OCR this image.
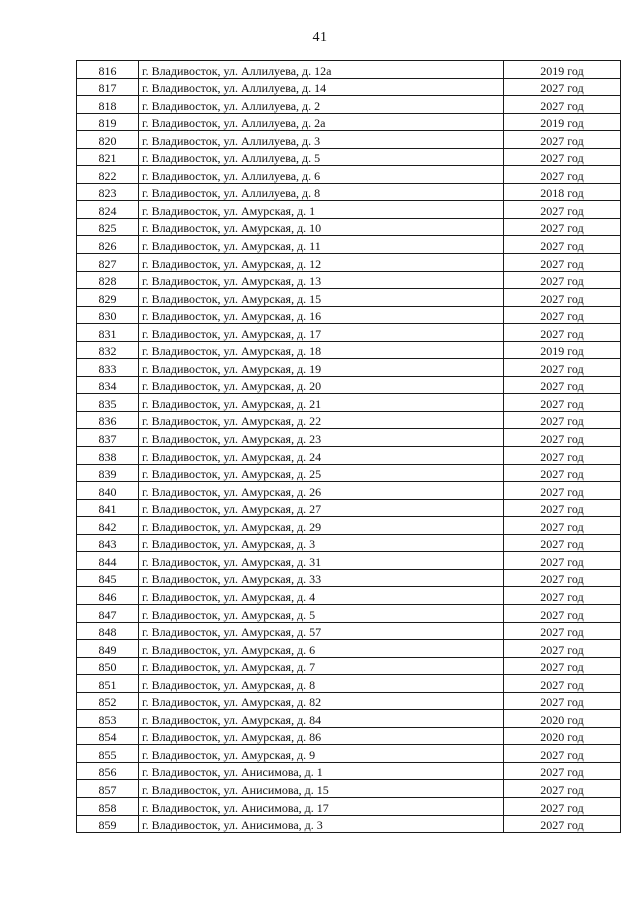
41
816	г. Владивосток, ул. Аллилуева, д. 12а	2019 год
817	г. Владивосток, ул. Аллилуева, д. 14	2027 год
818	г. Владивосток, ул. Аллилуева, д. 2	2027 год
819	г. Владивосток, ул. Аллилуева, д. 2а	2019 год
820	г. Владивосток, ул. Аллилуева, д. 3	2027 год
821	г. Владивосток, ул. Аллилуева, д. 5	2027 год
822	г. Владивосток, ул. Аллилуева, д. 6	2027 год
823	г. Владивосток, ул. Аллилуева, д. 8	2018 год
824	г. Владивосток, ул. Амурская, д. 1	2027 год
825	г. Владивосток, ул. Амурская, д. 10	2027 год
826	г. Владивосток, ул. Амурская, д. 11	2027 год
827	г. Владивосток, ул. Амурская, д. 12	2027 год
828	г. Владивосток, ул. Амурская, д. 13	2027 год
829	г. Владивосток, ул. Амурская, д. 15	2027 год
830	г. Владивосток, ул. Амурская, д. 16	2027 год
831	г. Владивосток, ул. Амурская, д. 17	2027 год
832	г. Владивосток, ул. Амурская, д. 18	2019 год
833	г. Владивосток, ул. Амурская, д. 19	2027 год
834	г. Владивосток, ул. Амурская, д. 20	2027 год
835	г. Владивосток, ул. Амурская, д. 21	2027 год
836	г. Владивосток, ул. Амурская, д. 22	2027 год
837	г. Владивосток, ул. Амурская, д. 23	2027 год
838	г. Владивосток, ул. Амурская, д. 24	2027 год
839	г. Владивосток, ул. Амурская, д. 25	2027 год
840	г. Владивосток, ул. Амурская, д. 26	2027 год
841	г. Владивосток, ул. Амурская, д. 27	2027 год
842	г. Владивосток, ул. Амурская, д. 29	2027 год
843	г. Владивосток, ул. Амурская, д. 3	2027 год
844	г. Владивосток, ул. Амурская, д. 31	2027 год
845	г. Владивосток, ул. Амурская, д. 33	2027 год
846	г. Владивосток, ул. Амурская, д. 4	2027 год
847	г. Владивосток, ул. Амурская, д. 5	2027 год
848	г. Владивосток, ул. Амурская, д. 57	2027 год
849	г. Владивосток, ул. Амурская, д. 6	2027 год
850	г. Владивосток, ул. Амурская, д. 7	2027 год
851	г. Владивосток, ул. Амурская, д. 8	2027 год
852	г. Владивосток, ул. Амурская, д. 82	2027 год
853	г. Владивосток, ул. Амурская, д. 84	2020 год
854	г. Владивосток, ул. Амурская, д. 86	2020 год
855	г. Владивосток, ул. Амурская, д. 9	2027 год
856	г. Владивосток, ул. Анисимова, д. 1	2027 год
857	г. Владивосток, ул. Анисимова, д. 15	2027 год
858	г. Владивосток, ул. Анисимова, д. 17	2027 год
859	г. Владивосток, ул. Анисимова, д. 3	2027 год
